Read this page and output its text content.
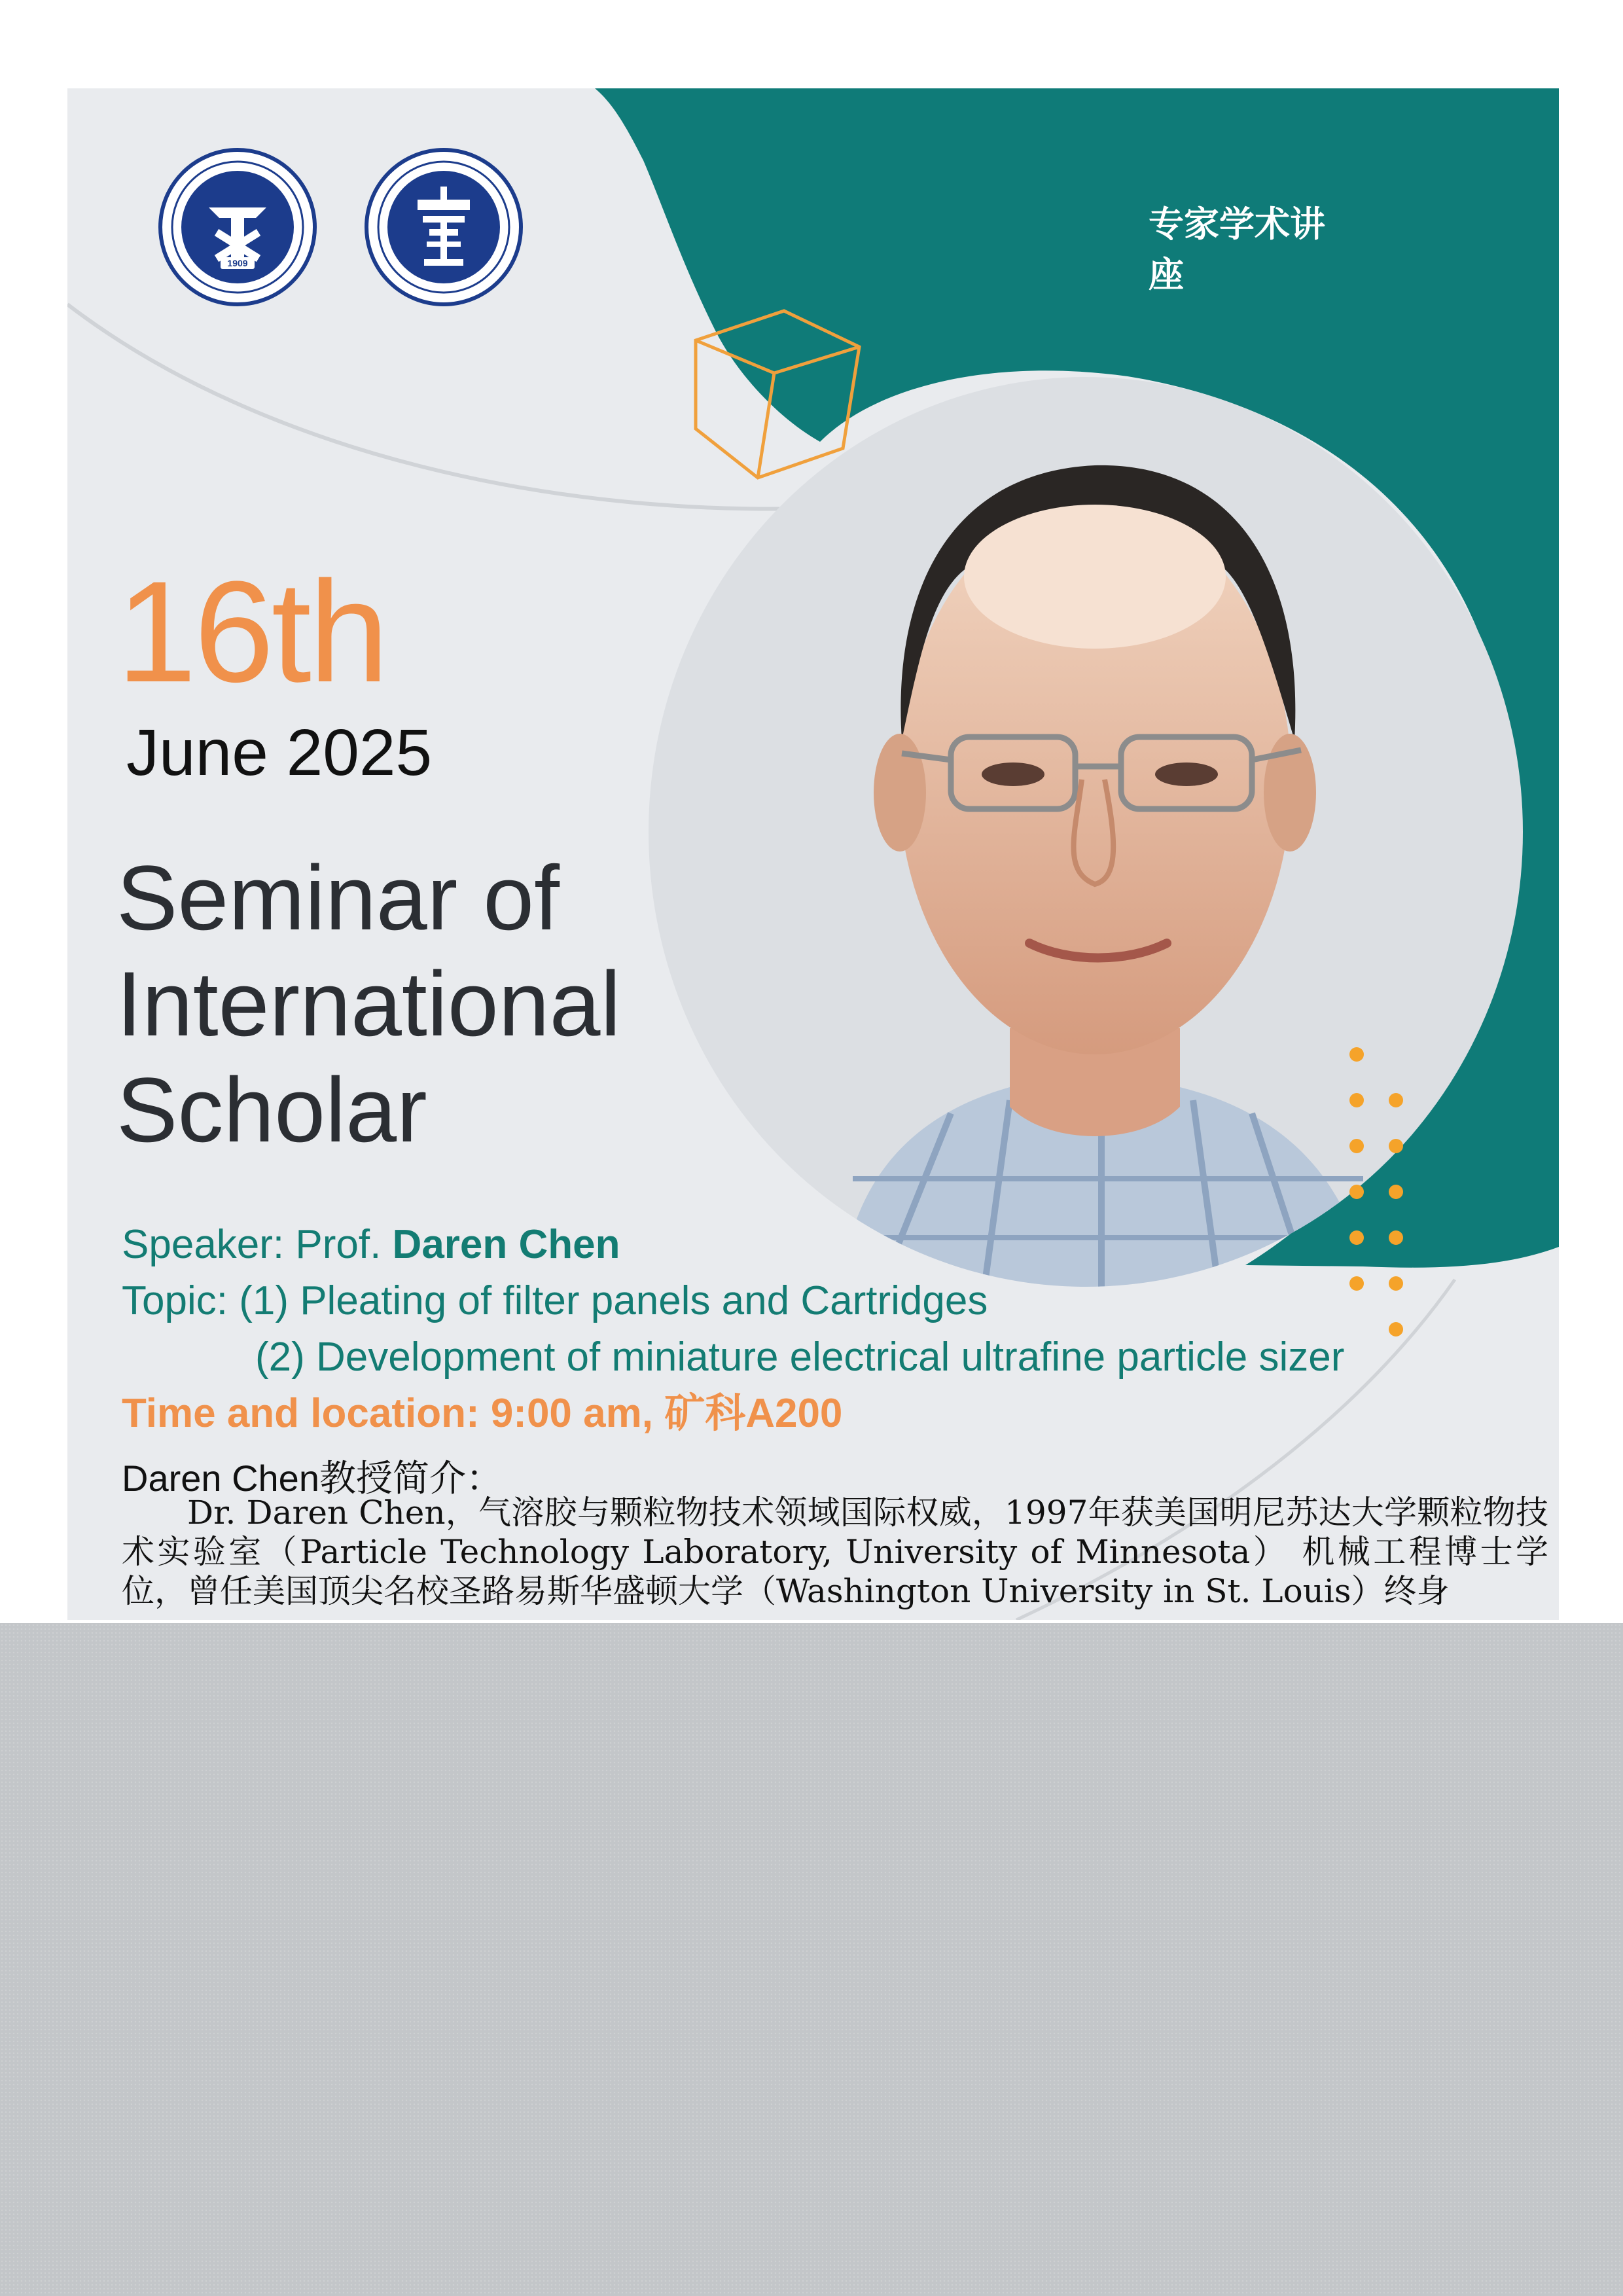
1909
专家学术讲座
16th
June 2025
Seminar of
International
Scholar
Speaker: Prof. Daren Chen
Topic: (1) Pleating of filter panels and Cartridges
(2) Development of miniature electrical ultrafine particle sizer
Time and location: 9:00 am, 矿科A200
Daren Chen教授简介：
Dr. Daren Chen，气溶胶与颗粒物技术领域国际权威，1997年获美国明尼苏达大学颗粒物技术实验室（Particle Technology Laboratory, University of Minnesota） 机械工程博士学位，曾任美国顶尖名校圣路易斯华盛顿大学（Washington University in St. Louis）终身
